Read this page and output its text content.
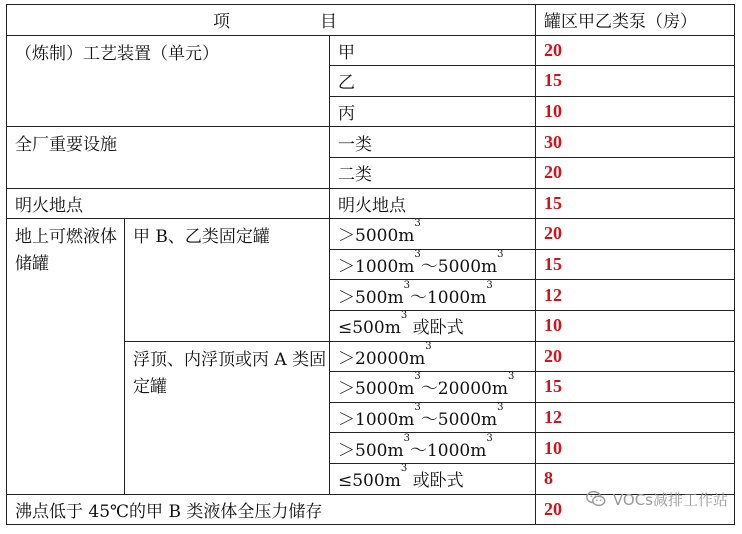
项 目			罐区甲乙类泵（房）
（炼制）工艺装置（单元）		甲	20
		乙	15
		丙	10
全厂重要设施		一类	30
		二类	20
明火地点		明火地点	15
地上可燃液体储罐	甲 B、乙类固定罐	$>5000m^3$	20
		$>1000m^3\sim 5000m^3$	15
		$>500m^3\sim 1000m^3$	12
		$\le 500m^3$ 或卧式	10
	浮顶、内浮顶或丙 A 类固定罐	$>20000m^3$	20
		$>5000m^3\sim 20000m^3$	15
		$>1000m^3\sim 5000m^3$	12
		$>500m^3\sim 1000m^3$	10
		$\le 500m^3$ 或卧式	8
沸点低于 45℃的甲 B 类液体全压力储存			20	VOCs减排工作站
